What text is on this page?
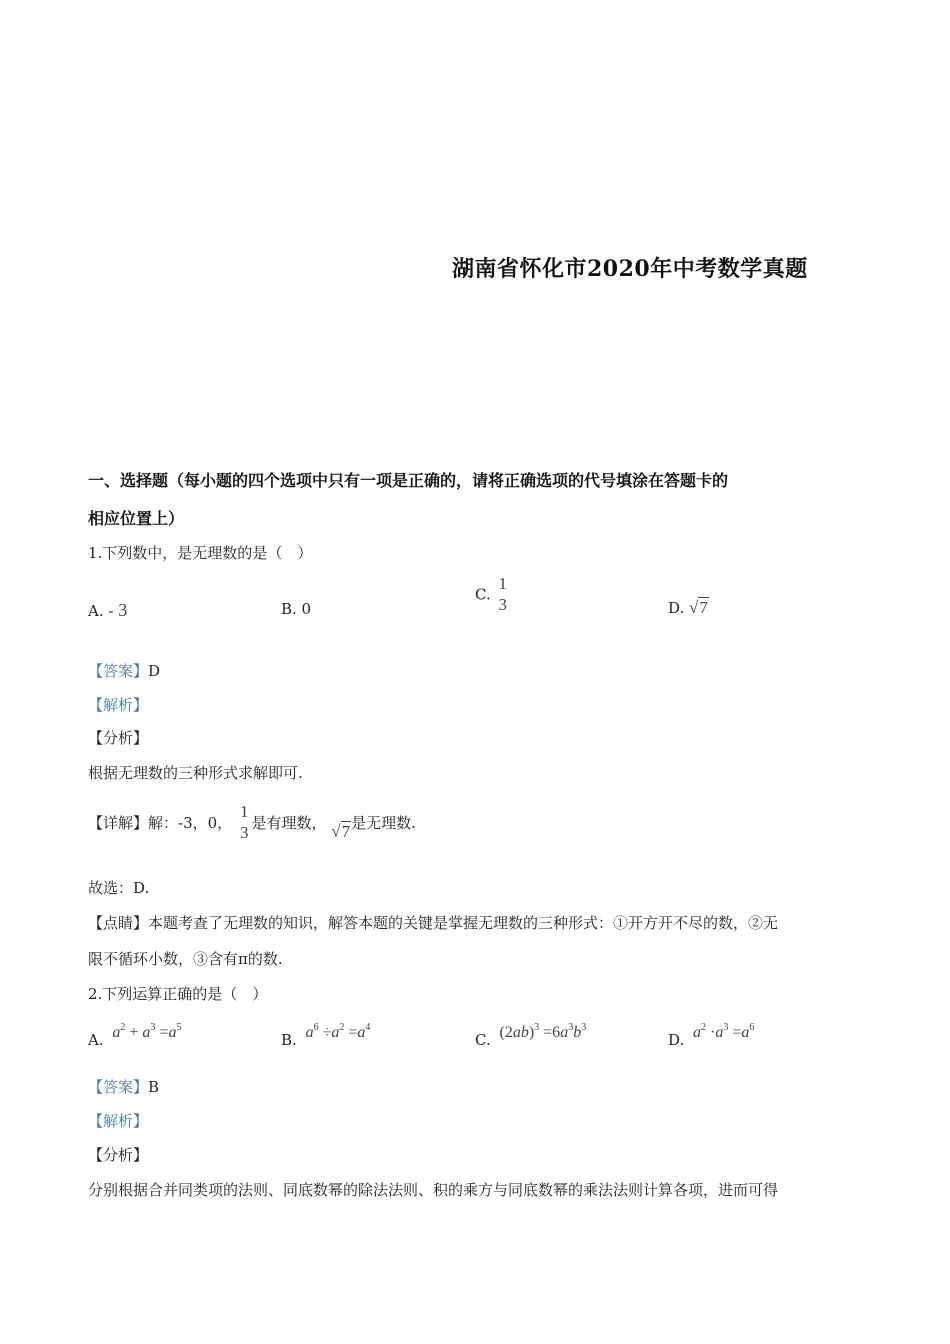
湖南省怀化市2020年中考数学真题
一、选择题（每小题的四个选项中只有一项是正确的，请将正确选项的代号填涂在答题卡的
相应位置上）
1.下列数中，是无理数的是（　）
A. - 3	B. 0
C. $\frac{1}{3}$	D. √7
【答案】D
【解析】
【分析】
根据无理数的三种形式求解即可.
【详解】解：-3，0， $\frac{1}{3}$ 是有理数， √7是无理数.
故选：D.
【点睛】本题考查了无理数的知识，解答本题的关键是掌握无理数的三种形式：①开方开不尽的数，②无
限不循环小数，③含有π的数.
2.下列运算正确的是（　）
A. $a^2 + a^3 =a^5$
B. $a^6 \div a^2 =a^4$
C. $(2ab)^3 =6a^3b^3$
D. $a^2 \cdot a^3 =a^6$
【答案】B
【解析】
【分析】
分别根据合并同类项的法则、同底数幂的除法法则、积的乘方与同底数幂的乘法法则计算各项，进而可得
